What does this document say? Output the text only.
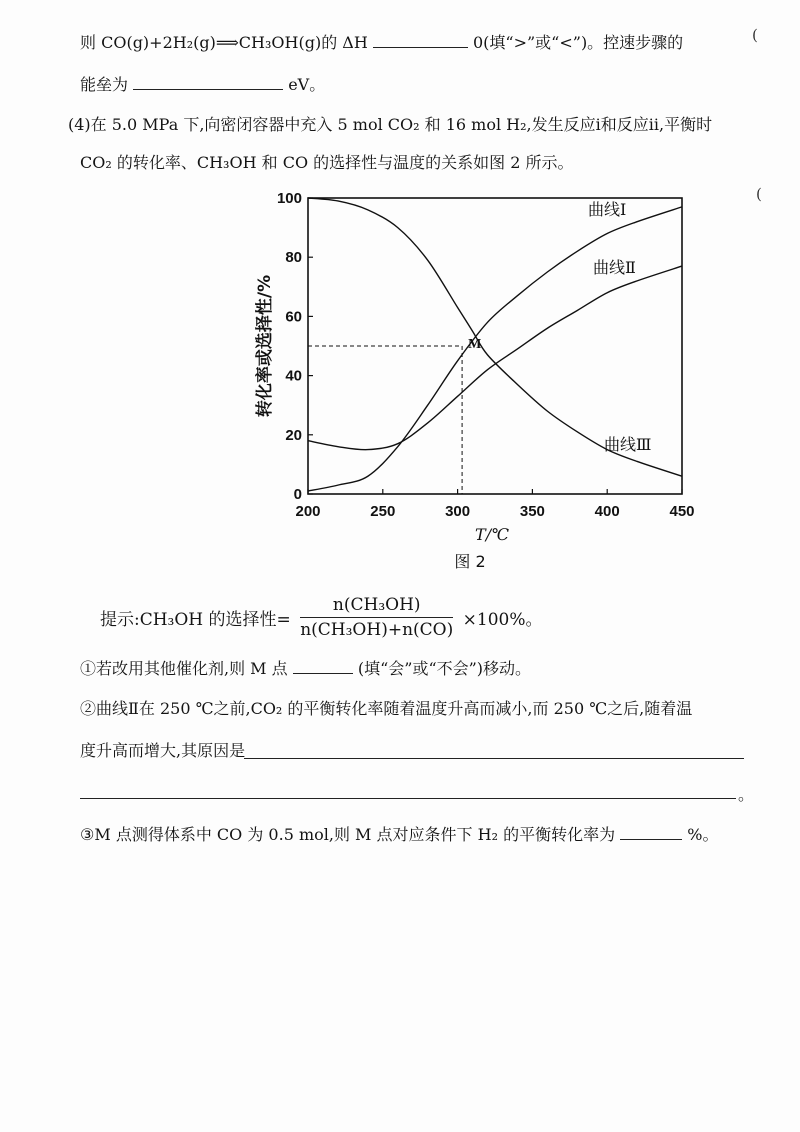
则 CO(g)+2H₂(g)⟹CH₃OH(g)的 ΔH	0(填“>”或“<”)。控速步骤的	(
能垒为	eV。
(4)在 5.0 MPa 下,向密闭容器中充入 5 mol CO₂ 和 16 mol H₂,发生反应ⅰ和反应ⅱ,平衡时
CO₂ 的转化率、CH₃OH 和 CO 的选择性与温度的关系如图 2 所示。
(
200	250	300	350	400	450
0
20
40
60
80
100
曲线Ⅰ
曲线Ⅱ
曲线Ⅲ
M
T/℃
转化率或选择性/%
图 2
提示:CH₃OH 的选择性= $\frac{\text{n(CH₃OH)}}{\text{n(CH₃OH)+n(CO)}} \times 100\%$。
①若改用其他催化剂,则 M 点	(填“会”或“不会”)移动。
②曲线Ⅱ在 250 ℃之前,CO₂ 的平衡转化率随着温度升高而减小,而 250 ℃之后,随着温
度升高而增大,其原因是
。
③M 点测得体系中 CO 为 0.5 mol,则 M 点对应条件下 H₂ 的平衡转化率为	%。
